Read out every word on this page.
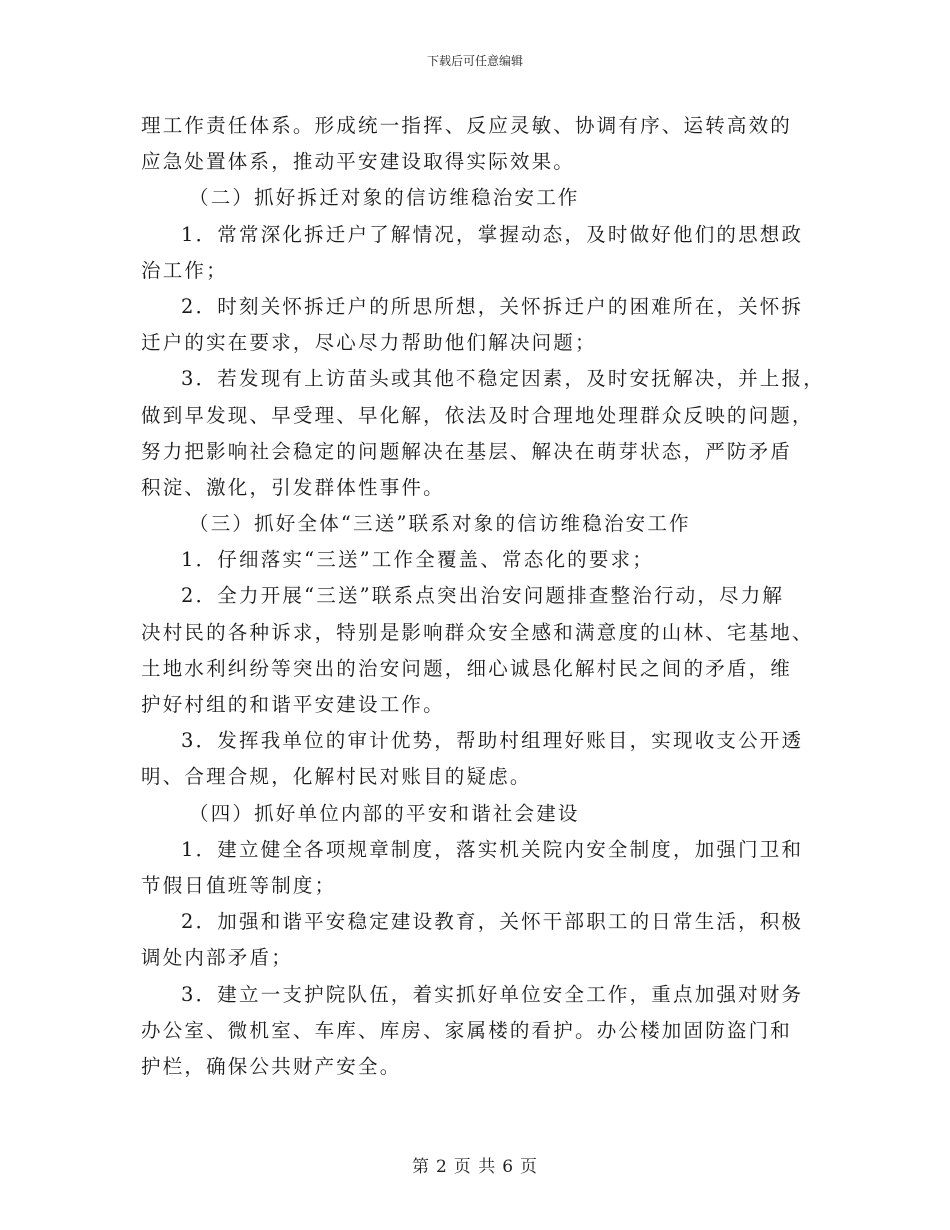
下载后可任意编辑
理工作责任体系。形成统一指挥、反应灵敏、协调有序、运转高效的
应急处置体系，推动平安建设取得实际效果。
（二）抓好拆迁对象的信访维稳治安工作
1．常常深化拆迁户了解情况，掌握动态，及时做好他们的思想政
治工作；
2．时刻关怀拆迁户的所思所想，关怀拆迁户的困难所在，关怀拆
迁户的实在要求，尽心尽力帮助他们解决问题；
3．若发现有上访苗头或其他不稳定因素，及时安抚解决，并上报，
做到早发现、早受理、早化解，依法及时合理地处理群众反映的问题，
努力把影响社会稳定的问题解决在基层、解决在萌芽状态，严防矛盾
积淀、激化，引发群体性事件。
（三）抓好全体“三送”联系对象的信访维稳治安工作
1．仔细落实“三送”工作全覆盖、常态化的要求；
2．全力开展“三送”联系点突出治安问题排查整治行动，尽力解
决村民的各种诉求，特别是影响群众安全感和满意度的山林、宅基地、
土地水利纠纷等突出的治安问题，细心诚恳化解村民之间的矛盾，维
护好村组的和谐平安建设工作。
3．发挥我单位的审计优势，帮助村组理好账目，实现收支公开透
明、合理合规，化解村民对账目的疑虑。
（四）抓好单位内部的平安和谐社会建设
1．建立健全各项规章制度，落实机关院内安全制度，加强门卫和
节假日值班等制度；
2．加强和谐平安稳定建设教育，关怀干部职工的日常生活，积极
调处内部矛盾；
3．建立一支护院队伍，着实抓好单位安全工作，重点加强对财务
办公室、微机室、车库、库房、家属楼的看护。办公楼加固防盗门和
护栏，确保公共财产安全。
第 2 页 共 6 页
